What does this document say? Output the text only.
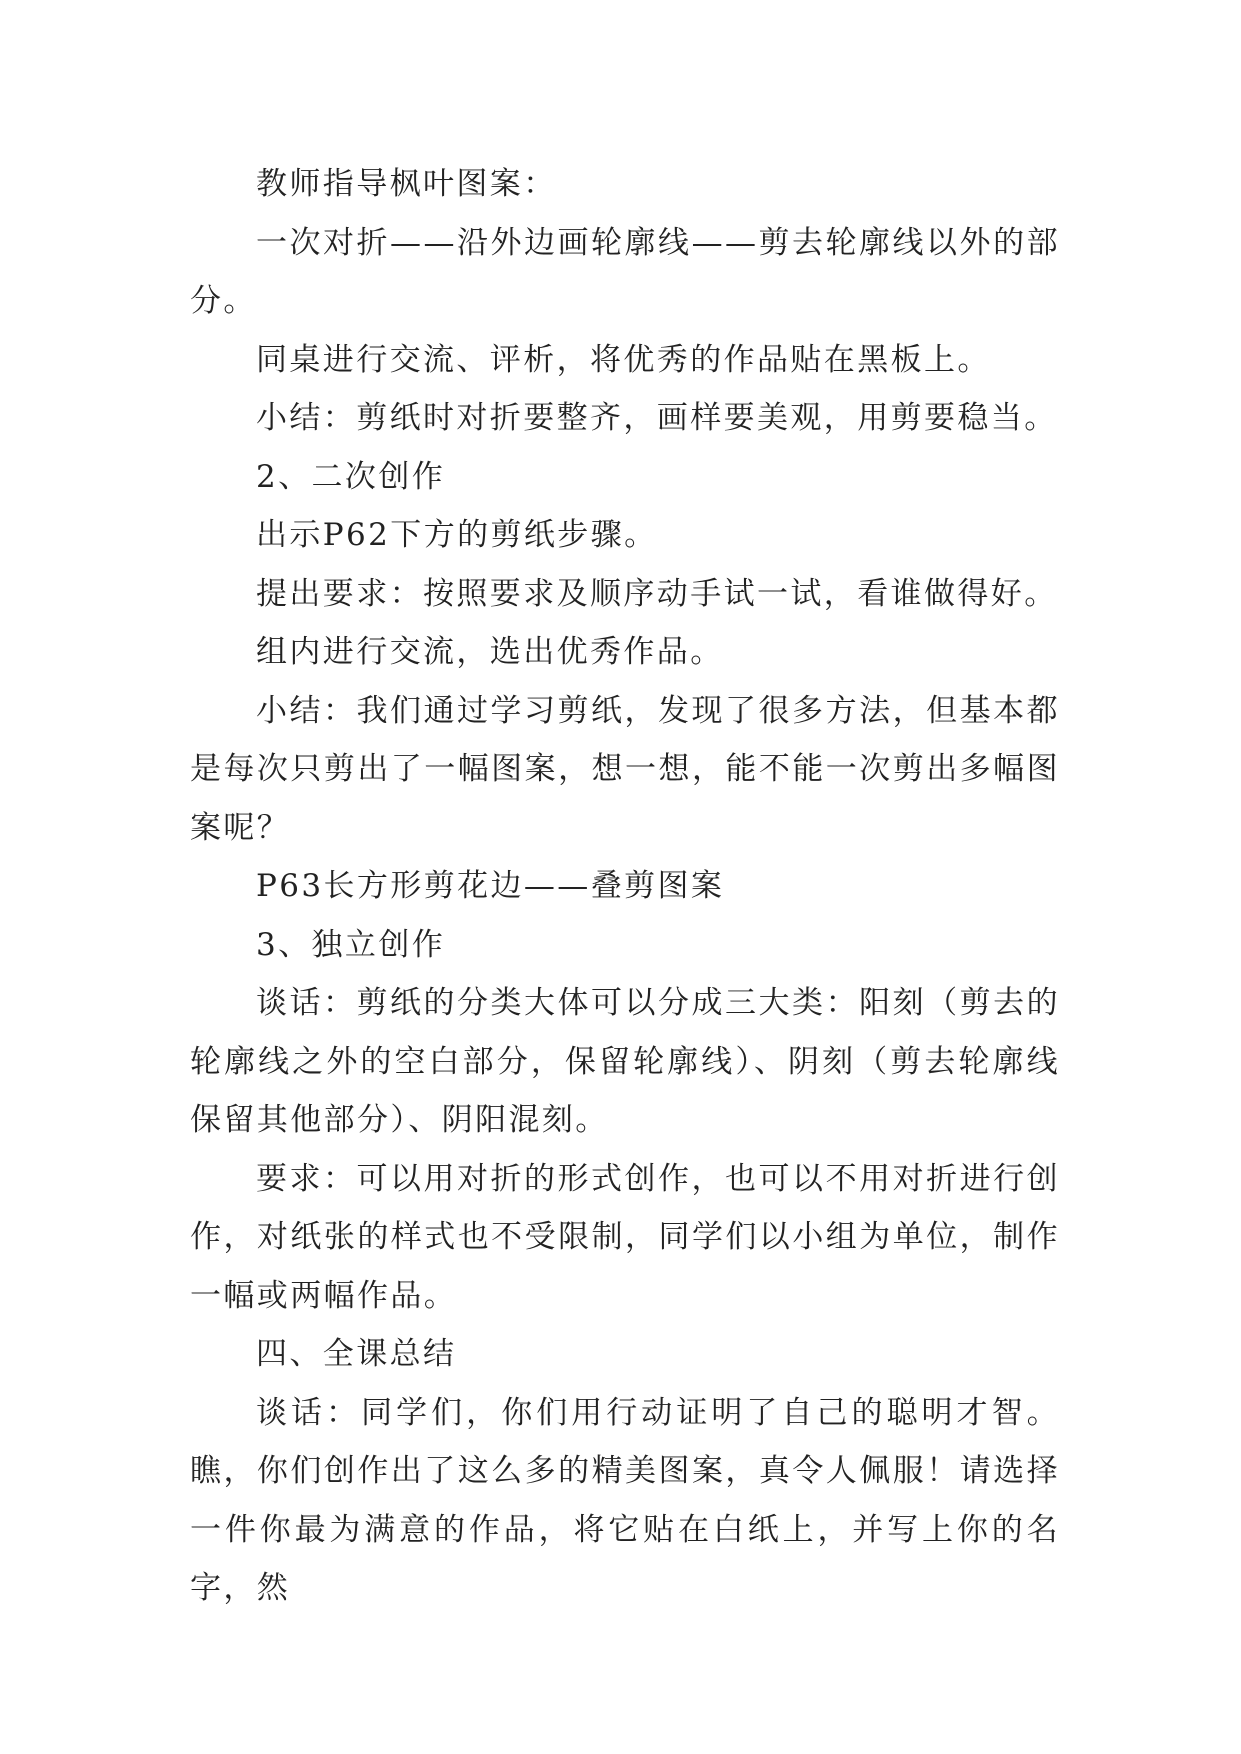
教师指导枫叶图案：

一次对折——沿外边画轮廓线——剪去轮廓线以外的部分。

同桌进行交流、评析，将优秀的作品贴在黑板上。

小结：剪纸时对折要整齐，画样要美观，用剪要稳当。

2、二次创作

出示P62下方的剪纸步骤。

提出要求：按照要求及顺序动手试一试，看谁做得好。

组内进行交流，选出优秀作品。

小结：我们通过学习剪纸，发现了很多方法，但基本都是每次只剪出了一幅图案，想一想，能不能一次剪出多幅图案呢？

P63长方形剪花边——叠剪图案

3、独立创作

谈话：剪纸的分类大体可以分成三大类：阳刻（剪去的轮廓线之外的空白部分，保留轮廓线）、阴刻（剪去轮廓线保留其他部分）、阴阳混刻。

要求：可以用对折的形式创作，也可以不用对折进行创作，对纸张的样式也不受限制，同学们以小组为单位，制作一幅或两幅作品。

四、全课总结

谈话：同学们，你们用行动证明了自己的聪明才智。瞧，你们创作出了这么多的精美图案，真令人佩服！请选择一件你最为满意的作品，将它贴在白纸上，并写上你的名字，然
